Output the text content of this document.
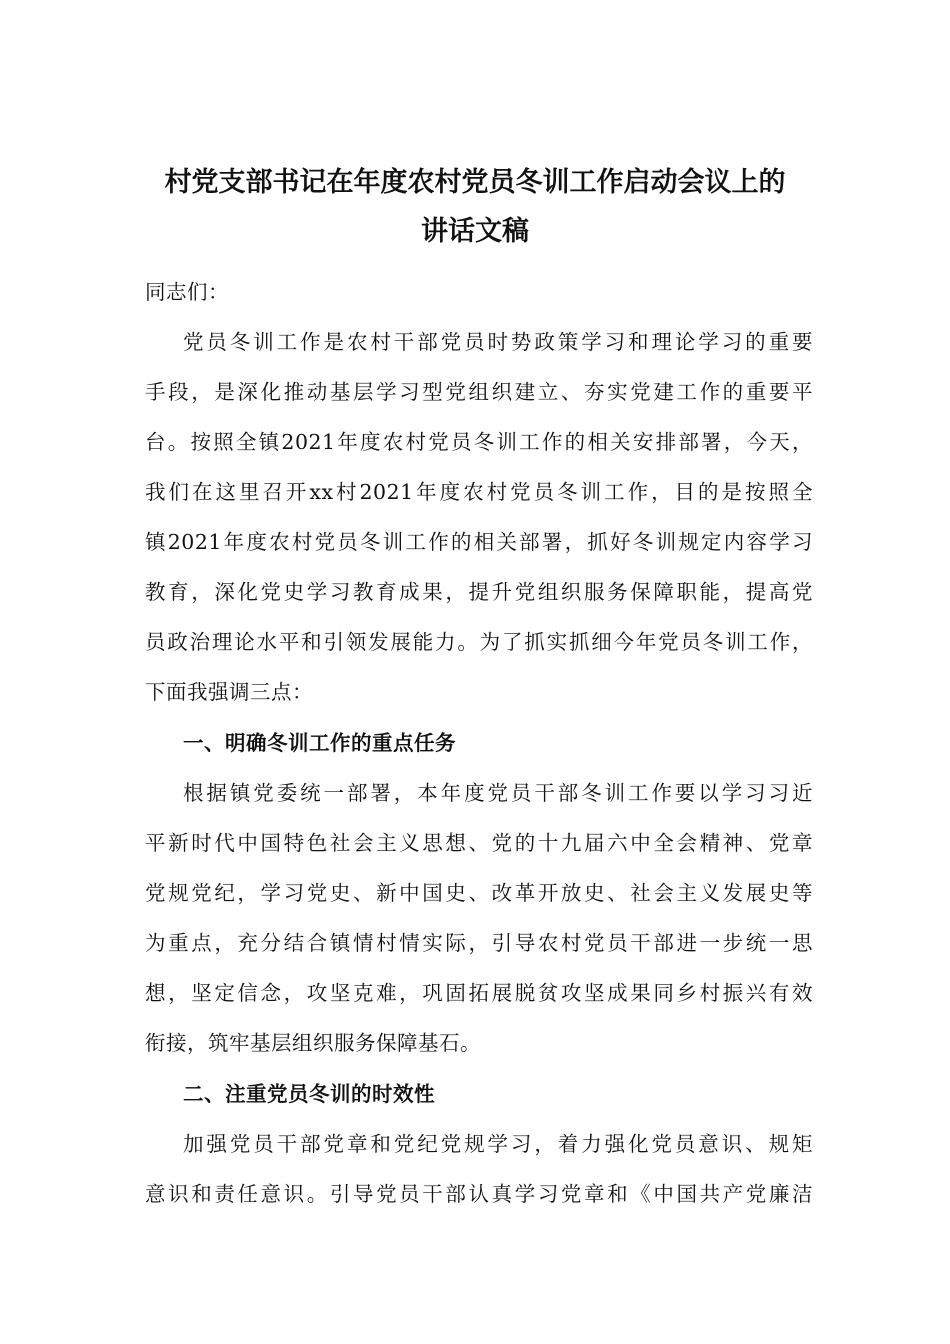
村党支部书记在年度农村党员冬训工作启动会议上的
讲话文稿
同志们：
党员冬训工作是农村干部党员时势政策学习和理论学习的重要
手段，是深化推动基层学习型党组织建立、夯实党建工作的重要平
台。按照全镇2021年度农村党员冬训工作的相关安排部署，今天，
我们在这里召开xx村2021年度农村党员冬训工作，目的是按照全
镇2021年度农村党员冬训工作的相关部署，抓好冬训规定内容学习
教育，深化党史学习教育成果，提升党组织服务保障职能，提高党
员政治理论水平和引领发展能力。为了抓实抓细今年党员冬训工作，
下面我强调三点：
一、明确冬训工作的重点任务
根据镇党委统一部署，本年度党员干部冬训工作要以学习习近
平新时代中国特色社会主义思想、党的十九届六中全会精神、党章
党规党纪，学习党史、新中国史、改革开放史、社会主义发展史等
为重点，充分结合镇情村情实际，引导农村党员干部进一步统一思
想，坚定信念，攻坚克难，巩固拓展脱贫攻坚成果同乡村振兴有效
衔接，筑牢基层组织服务保障基石。
二、注重党员冬训的时效性
加强党员干部党章和党纪党规学习，着力强化党员意识、规矩
意识和责任意识。引导党员干部认真学习党章和《中国共产党廉洁
